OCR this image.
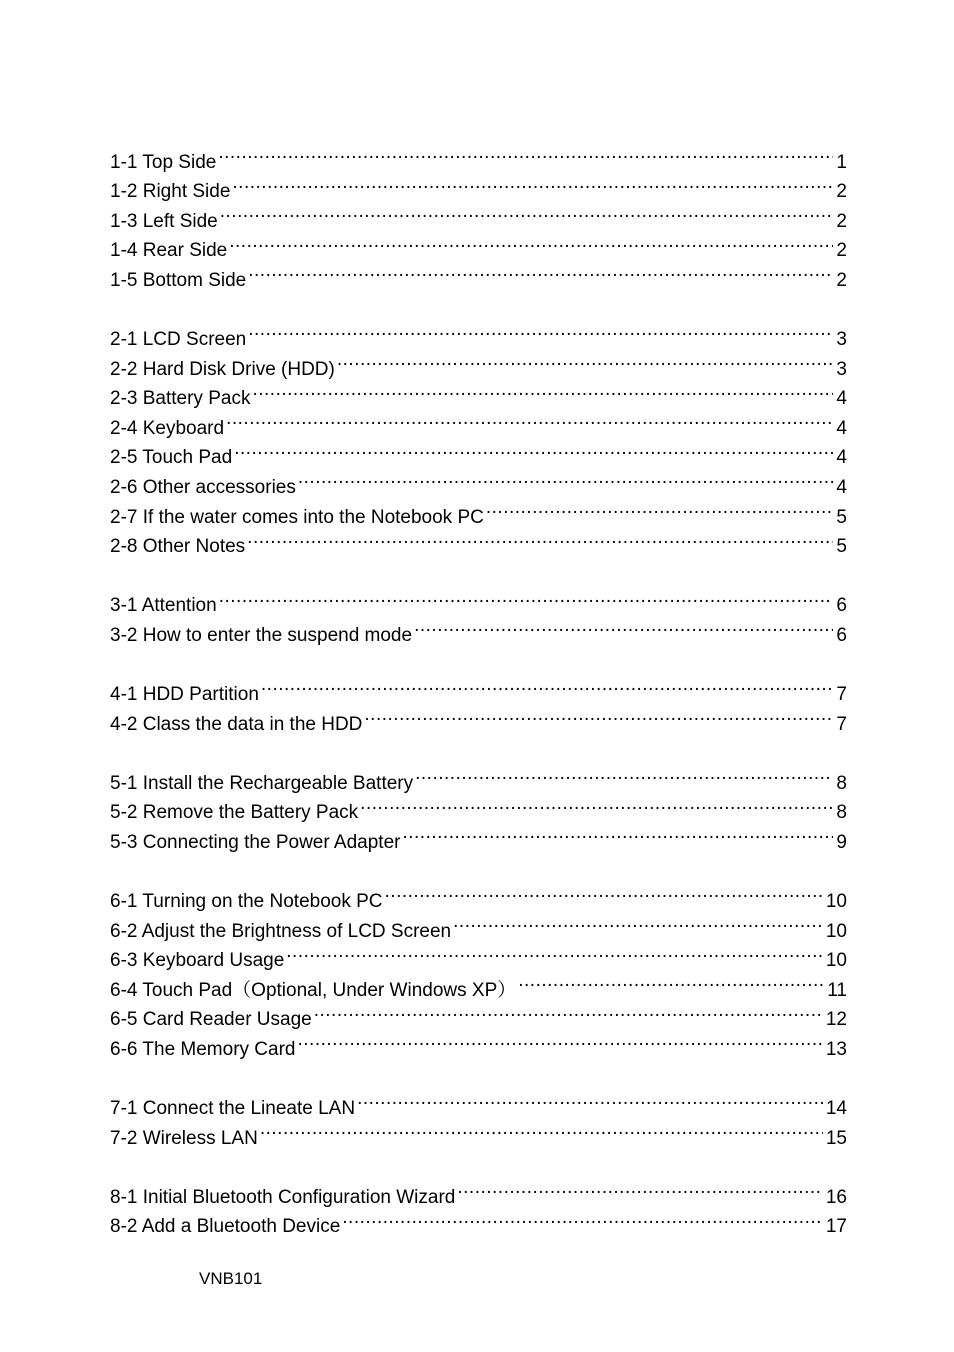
1-1 Top Side .....	1
1-2 Right Side .....	2
1-3 Left Side .....	2
1-4 Rear Side .....	2
1-5 Bottom Side .....	2
2-1 LCD Screen .....	3
2-2 Hard Disk Drive (HDD) .....	3
2-3 Battery Pack .....	4
2-4 Keyboard .....	4
2-5 Touch Pad .....	4
2-6 Other accessories .....	4
2-7 If the water comes into the Notebook PC .....	5
2-8 Other Notes .....	5
3-1 Attention .....	6
3-2 How to enter the suspend mode .....	6
4-1 HDD Partition .....	7
4-2 Class the data in the HDD .....	7
5-1 Install the Rechargeable Battery .....	8
5-2 Remove the Battery Pack .....	8
5-3 Connecting the Power Adapter .....	9
6-1 Turning on the Notebook PC .....	10
6-2 Adjust the Brightness of LCD Screen .....	10
6-3 Keyboard Usage .....	10
6-4 Touch Pad（Optional, Under Windows XP） .....	11
6-5 Card Reader Usage .....	12
6-6 The Memory Card .....	13
7-1 Connect the Lineate LAN .....	14
7-2 Wireless LAN .....	15
8-1 Initial Bluetooth Configuration Wizard .....	16
8-2 Add a Bluetooth Device .....	17
VNB101
